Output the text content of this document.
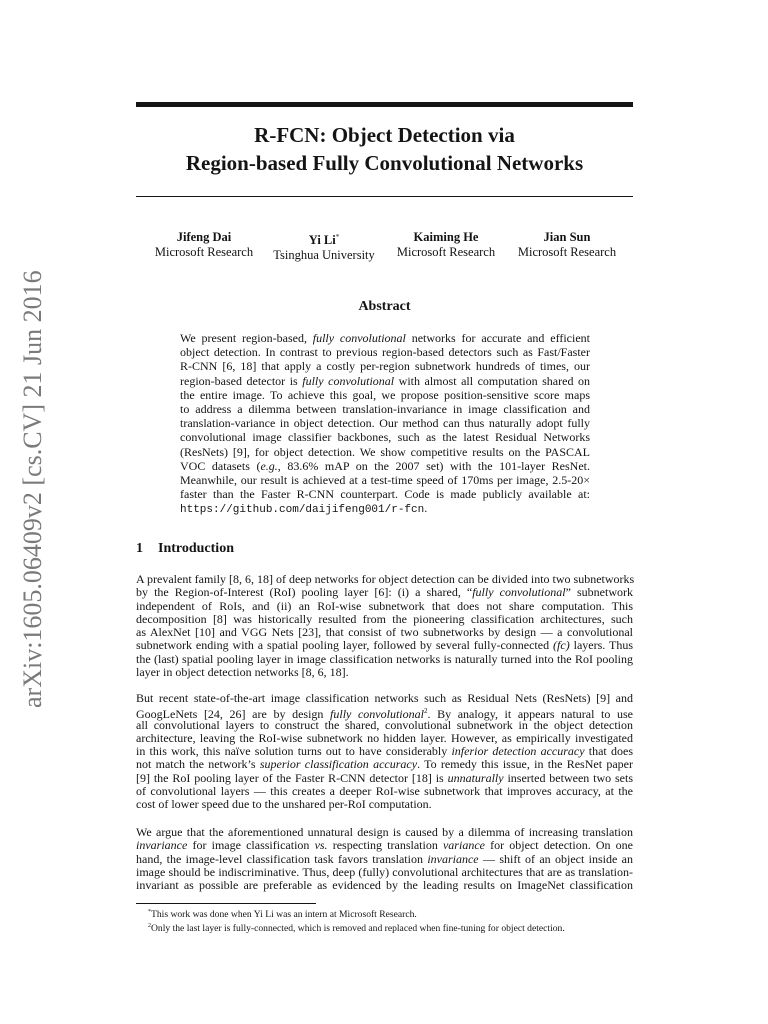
R-FCN: Object Detection via
Region-based Fully Convolutional Networks
Jifeng Dai
Microsoft Research
Yi Li*
Tsinghua University
Kaiming He
Microsoft Research
Jian Sun
Microsoft Research
arXiv:1605.06409v2 [cs.CV] 21 Jun 2016	Abstract
We present region-based, fully convolutional networks for accurate and efficient
object detection. In contrast to previous region-based detectors such as Fast/Faster
R-CNN [6, 18] that apply a costly per-region subnetwork hundreds of times, our
region-based detector is fully convolutional with almost all computation shared on
the entire image. To achieve this goal, we propose position-sensitive score maps
to address a dilemma between translation-invariance in image classification and
translation-variance in object detection. Our method can thus naturally adopt fully
convolutional image classifier backbones, such as the latest Residual Networks
(ResNets) [9], for object detection. We show competitive results on the PASCAL
VOC datasets (e.g., 83.6% mAP on the 2007 set) with the 101-layer ResNet.
Meanwhile, our result is achieved at a test-time speed of 170ms per image, 2.5-20×
faster than the Faster R-CNN counterpart. Code is made publicly available at:
https://github.com/daijifeng001/r-fcn.
1 Introduction
A prevalent family [8, 6, 18] of deep networks for object detection can be divided into two subnetworks
by the Region-of-Interest (RoI) pooling layer [6]: (i) a shared, “fully convolutional” subnetwork
independent of RoIs, and (ii) an RoI-wise subnetwork that does not share computation. This
decomposition [8] was historically resulted from the pioneering classification architectures, such
as AlexNet [10] and VGG Nets [23], that consist of two subnetworks by design — a convolutional
subnetwork ending with a spatial pooling layer, followed by several fully-connected (fc) layers. Thus
the (last) spatial pooling layer in image classification networks is naturally turned into the RoI pooling
layer in object detection networks [8, 6, 18].
But recent state-of-the-art image classification networks such as Residual Nets (ResNets) [9] and
GoogLeNets [24, 26] are by design fully convolutional$^2$. By analogy, it appears natural to use
all convolutional layers to construct the shared, convolutional subnetwork in the object detection
architecture, leaving the RoI-wise subnetwork no hidden layer. However, as empirically investigated
in this work, this naïve solution turns out to have considerably inferior detection accuracy that does
not match the network’s superior classification accuracy. To remedy this issue, in the ResNet paper
[9] the RoI pooling layer of the Faster R-CNN detector [18] is unnaturally inserted between two sets
of convolutional layers — this creates a deeper RoI-wise subnetwork that improves accuracy, at the
cost of lower speed due to the unshared per-RoI computation.
We argue that the aforementioned unnatural design is caused by a dilemma of increasing translation
invariance for image classification vs. respecting translation variance for object detection. On one
hand, the image-level classification task favors translation invariance — shift of an object inside an
image should be indiscriminative. Thus, deep (fully) convolutional architectures that are as translation-
invariant as possible are preferable as evidenced by the leading results on ImageNet classification
*This work was done when Yi Li was an intern at Microsoft Research.
$^2$Only the last layer is fully-connected, which is removed and replaced when fine-tuning for object detection.
